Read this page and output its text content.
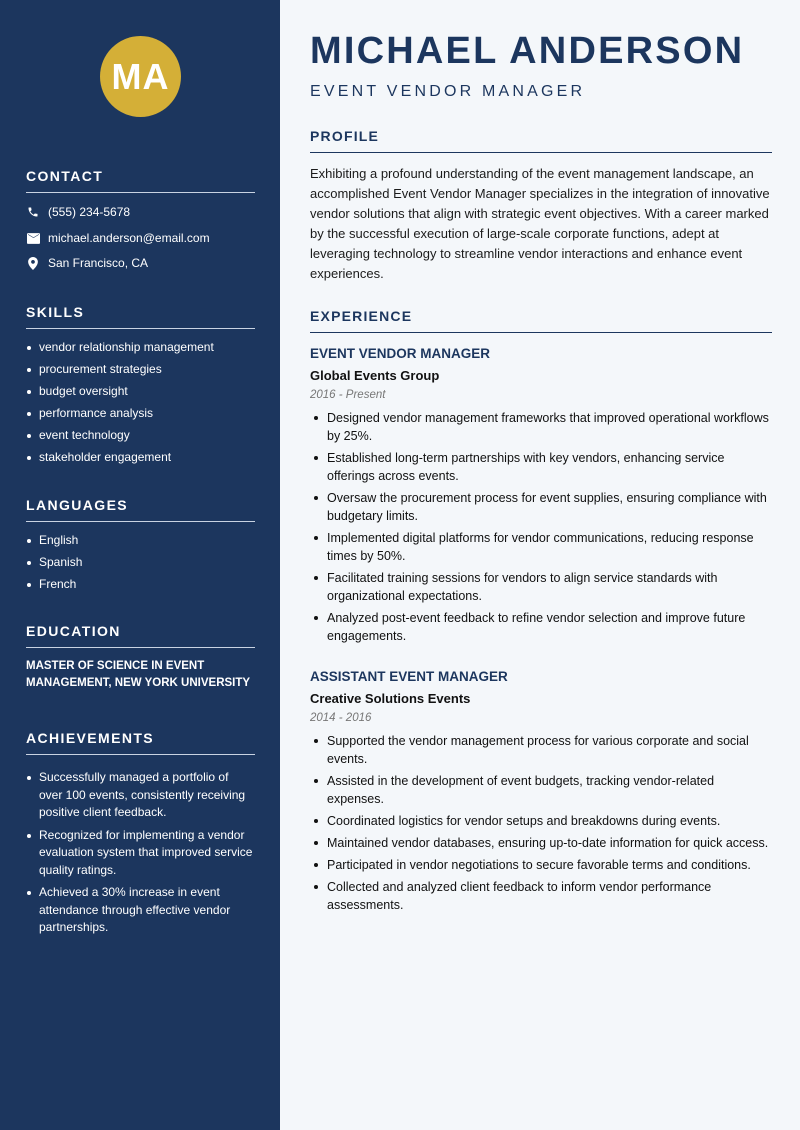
MA
CONTACT
(555) 234-5678
michael.anderson@email.com
San Francisco, CA
SKILLS
vendor relationship management
procurement strategies
budget oversight
performance analysis
event technology
stakeholder engagement
LANGUAGES
English
Spanish
French
EDUCATION
MASTER OF SCIENCE IN EVENT MANAGEMENT, NEW YORK UNIVERSITY
ACHIEVEMENTS
Successfully managed a portfolio of over 100 events, consistently receiving positive client feedback.
Recognized for implementing a vendor evaluation system that improved service quality ratings.
Achieved a 30% increase in event attendance through effective vendor partnerships.
MICHAEL ANDERSON
EVENT VENDOR MANAGER
PROFILE
Exhibiting a profound understanding of the event management landscape, an accomplished Event Vendor Manager specializes in the integration of innovative vendor solutions that align with strategic event objectives. With a career marked by the successful execution of large-scale corporate functions, adept at leveraging technology to streamline vendor interactions and enhance event experiences.
EXPERIENCE
EVENT VENDOR MANAGER
Global Events Group
2016 - Present
Designed vendor management frameworks that improved operational workflows by 25%.
Established long-term partnerships with key vendors, enhancing service offerings across events.
Oversaw the procurement process for event supplies, ensuring compliance with budgetary limits.
Implemented digital platforms for vendor communications, reducing response times by 50%.
Facilitated training sessions for vendors to align service standards with organizational expectations.
Analyzed post-event feedback to refine vendor selection and improve future engagements.
ASSISTANT EVENT MANAGER
Creative Solutions Events
2014 - 2016
Supported the vendor management process for various corporate and social events.
Assisted in the development of event budgets, tracking vendor-related expenses.
Coordinated logistics for vendor setups and breakdowns during events.
Maintained vendor databases, ensuring up-to-date information for quick access.
Participated in vendor negotiations to secure favorable terms and conditions.
Collected and analyzed client feedback to inform vendor performance assessments.
